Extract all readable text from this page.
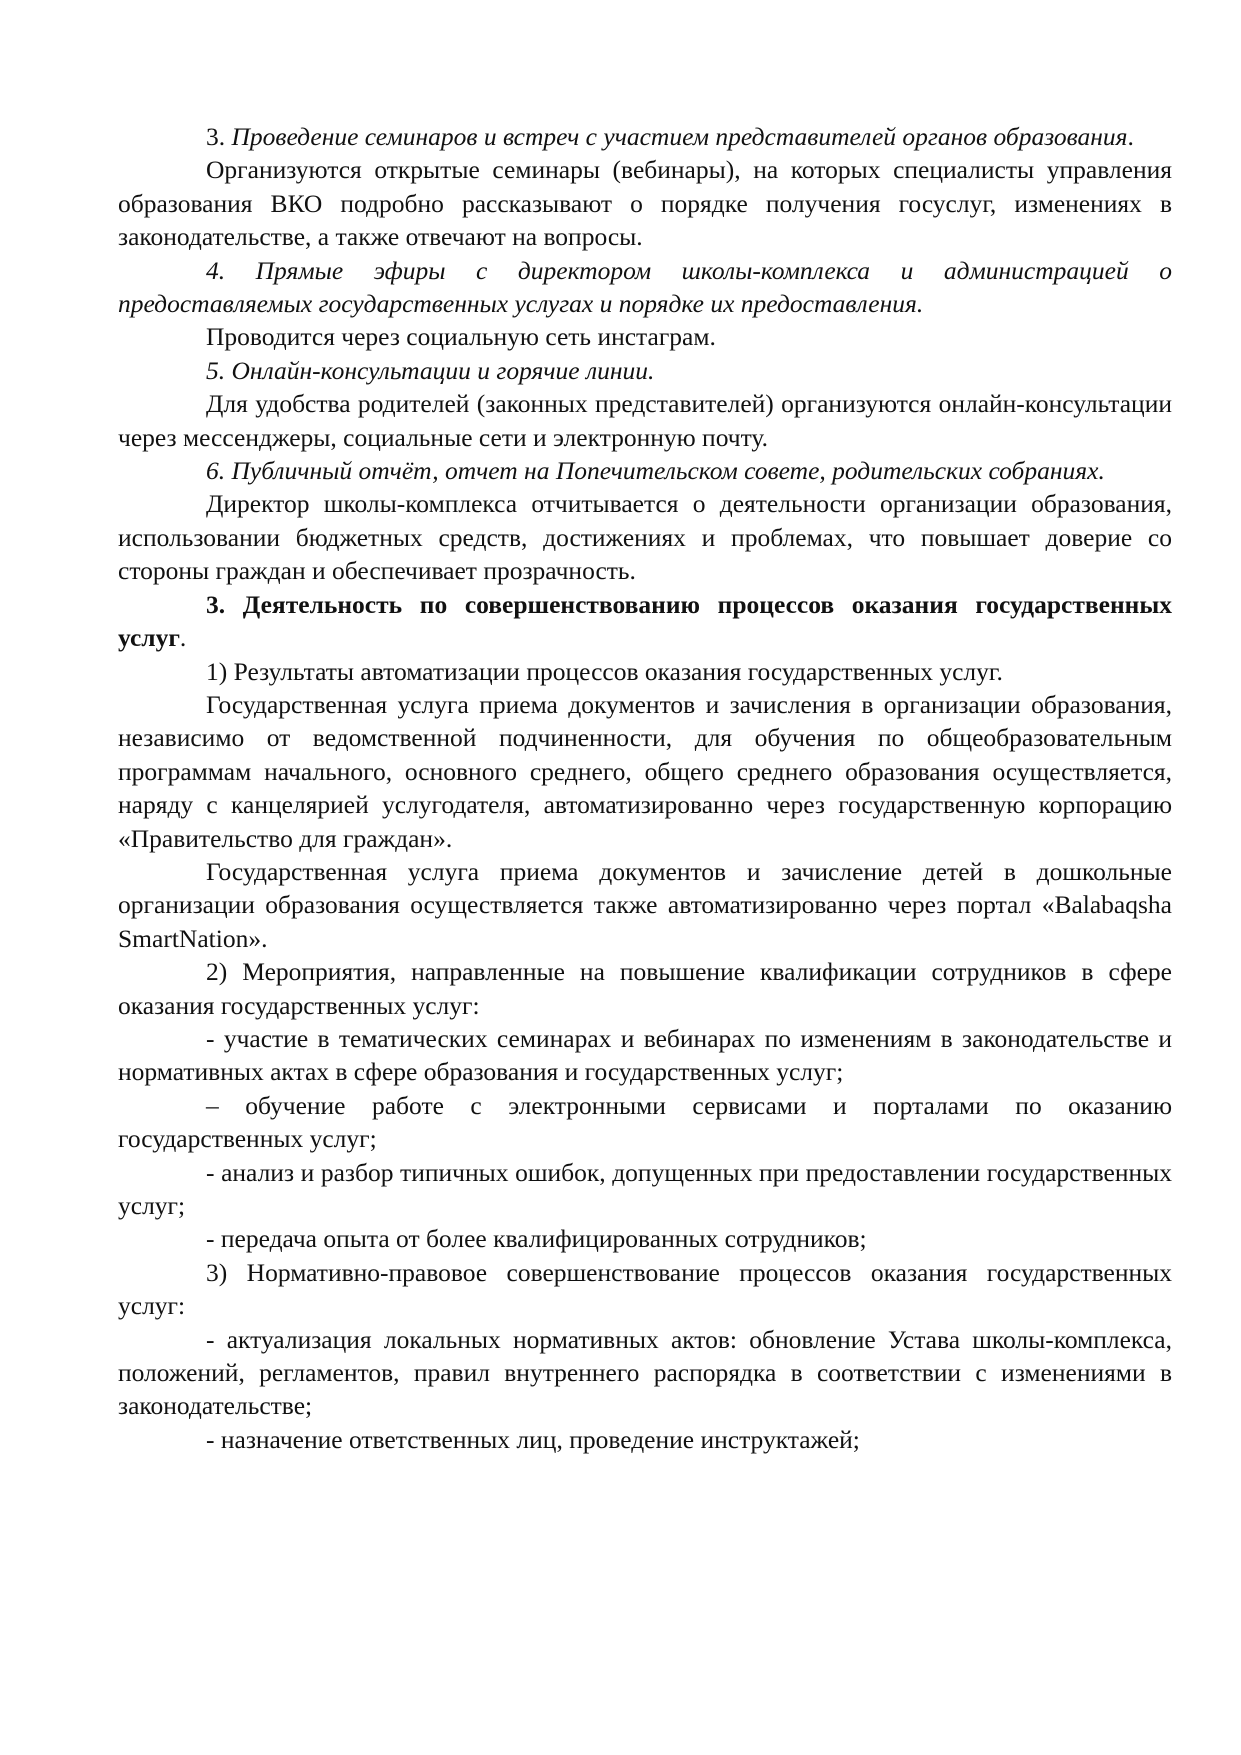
3. Проведение семинаров и встреч с участием представителей органов образования.

Организуются открытые семинары (вебинары), на которых специалисты управления образования ВКО подробно рассказывают о порядке получения госуслуг, изменениях в законодательстве, а также отвечают на вопросы.

4. Прямые эфиры с директором школы-комплекса и администрацией о предоставляемых государственных услугах и порядке их предоставления.

Проводится через социальную сеть инстаграм.

5. Онлайн-консультации и горячие линии.

Для удобства родителей (законных представителей) организуются онлайн-консультации через мессенджеры, социальные сети и электронную почту.

6. Публичный отчёт, отчет на Попечительском совете, родительских собраниях.

Директор школы-комплекса отчитывается о деятельности организации образования, использовании бюджетных средств, достижениях и проблемах, что повышает доверие со стороны граждан и обеспечивает прозрачность.

3. Деятельность по совершенствованию процессов оказания государственных услуг.

1) Результаты автоматизации процессов оказания государственных услуг.

Государственная услуга приема документов и зачисления в организации образования, независимо от ведомственной подчиненности, для обучения по общеобразовательным программам начального, основного среднего, общего среднего образования осуществляется, наряду с канцелярией услугодателя, автоматизированно через государственную корпорацию «Правительство для граждан».

Государственная услуга приема документов и зачисление детей в дошкольные организации образования осуществляется также автоматизированно через портал «Balabaqsha SmartNation».

2) Мероприятия, направленные на повышение квалификации сотрудников в сфере оказания государственных услуг:

- участие в тематических семинарах и вебинарах по изменениям в законодательстве и нормативных актах в сфере образования и государственных услуг;

– обучение работе с электронными сервисами и порталами по оказанию государственных услуг;

- анализ и разбор типичных ошибок, допущенных при предоставлении государственных услуг;

- передача опыта от более квалифицированных сотрудников;

3) Нормативно-правовое совершенствование процессов оказания государственных услуг:

- актуализация локальных нормативных актов: обновление Устава школы-комплекса, положений, регламентов, правил внутреннего распорядка в соответствии с изменениями в законодательстве;

- назначение ответственных лиц, проведение инструктажей;
